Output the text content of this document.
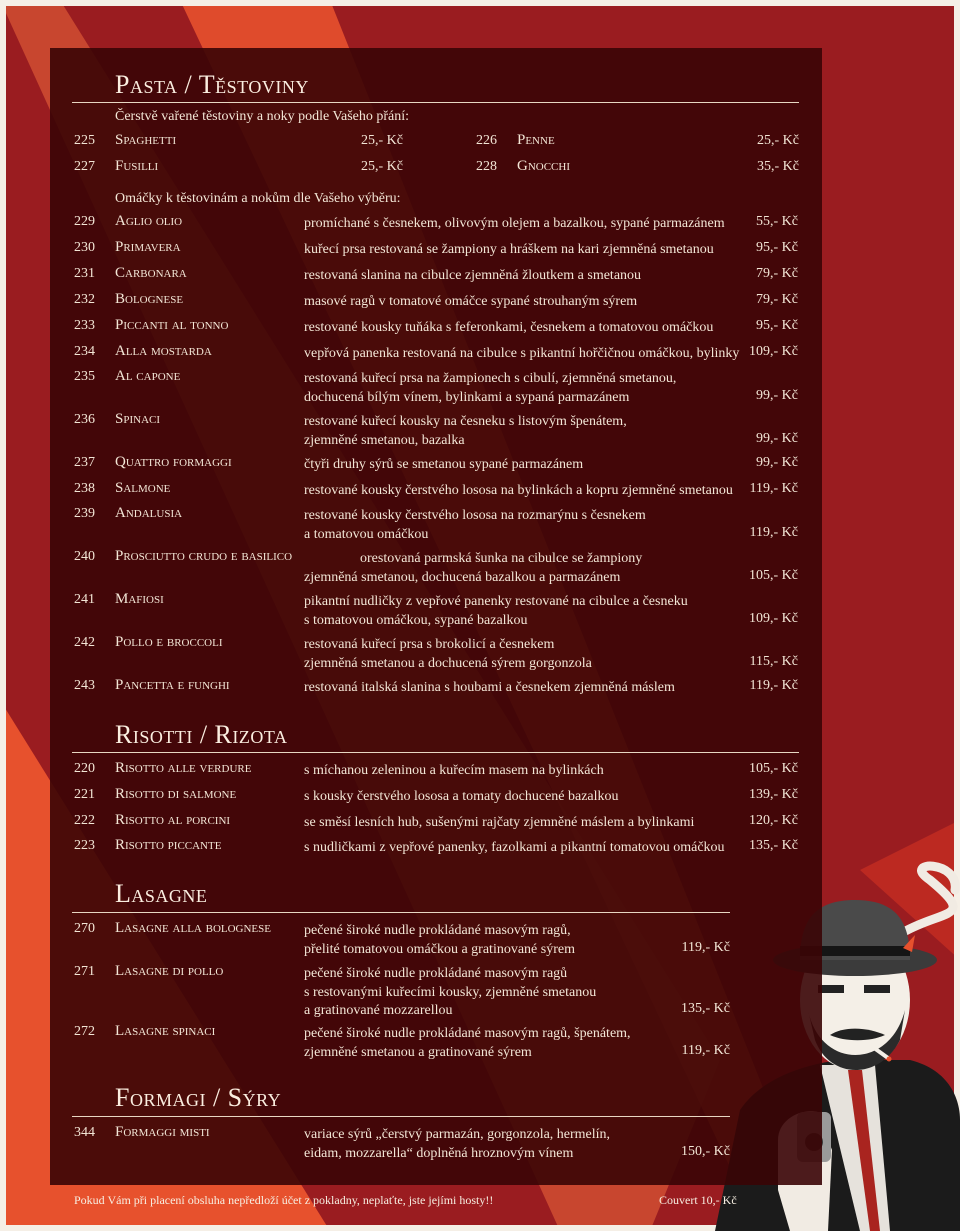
Pasta / Těstoviny
Čerstvě vařené těstoviny a noky podle Vašeho přání:
225 Spaghetti	25,- Kč	226 Penne	25,- Kč
227 Fusilli	25,- Kč	228 Gnocchi	35,- Kč
Omáčky k těstovinám a nokům dle Vašeho výběru:
229 Aglio olio	promíchané s česnekem, olivovým olejem a bazalkou, sypané parmazánem	55,- Kč
230 Primavera	kuřecí prsa restovaná se žampiony a hráškem na kari zjemněná smetanou	95,- Kč
231 Carbonara	restovaná slanina na cibulce zjemněná žloutkem a smetanou	79,- Kč
232 Bolognese	masové ragů v tomatové omáčce sypané strouhaným sýrem	79,- Kč
233 Piccanti al tonno	restované kousky tuňáka s feferonkami, česnekem a tomatovou omáčkou	95,- Kč
234 Alla mostarda	vepřová panenka restovaná na cibulce s pikantní hořčičnou omáčkou, bylinky 109,- Kč
235 Al capone	restovaná kuřecí prsa na žampionech s cibulí, zjemněná smetanou,
dochucená bílým vínem, bylinkami a sypaná parmazánem	99,- Kč
236 Spinaci	restované kuřecí kousky na česneku s listovým špenátem,
zjemněné smetanou, bazalka	99,- Kč
237 Quattro formaggi	čtyři druhy sýrů se smetanou sypané parmazánem	99,- Kč
238 Salmone	restované kousky čerstvého lososa na bylinkách a kopru zjemněné smetanou	119,- Kč
239 Andalusia	restované kousky čerstvého lososa na rozmarýnu s česnekem
a tomatovou omáčkou	119,- Kč
240 Prosciutto crudo e basilico	orestovaná parmská šunka na cibulce se žampiony
zjemněná smetanou, dochucená bazalkou a parmazánem	105,- Kč
241 Mafiosi	pikantní nudličky z vepřové panenky restované na cibulce a česneku
s tomatovou omáčkou, sypané bazalkou	109,- Kč
242 Pollo e broccoli	restovaná kuřecí prsa s brokolicí a česnekem
zjemněná smetanou a dochucená sýrem gorgonzola	115,- Kč
243 Pancetta e funghi	restovaná italská slanina s houbami a česnekem zjemněná máslem	119,- Kč
Risotti / Rizota
220 Risotto alle verdure	s míchanou zeleninou a kuřecím masem na bylinkách	105,- Kč
221 Risotto di salmone	s kousky čerstvého lososa a tomaty dochucené bazalkou	139,- Kč
222 Risotto al porcini	se směsí lesních hub, sušenými rajčaty zjemněné máslem a bylinkami	120,- Kč
223 Risotto piccante	s nudličkami z vepřové panenky, fazolkami a pikantní tomatovou omáčkou	135,- Kč
Lasagne
270 Lasagne alla bolognese pečené široké nudle prokládané masovým ragů,
přelité tomatovou omáčkou a gratinované sýrem	119,- Kč
271 Lasagne di pollo	pečené široké nudle prokládané masovým ragů
s restovanými kuřecími kousky, zjemněné smetanou
a gratinované mozzarellou	135,- Kč
272 Lasagne spinaci	pečené široké nudle prokládané masovým ragů, špenátem,
zjemněné smetanou a gratinované sýrem	119,- Kč
Formagi / Sýry
344 Formaggi misti	variace sýrů „čerstvý parmazán, gorgonzola, hermelín,
eidam, mozzarella“ doplněná hroznovým vínem	150,- Kč
Pokud Vám při placení obsluha nepředloží účet z pokladny, neplaťte, jste jejími hosty!!	Couvert 10,- Kč
